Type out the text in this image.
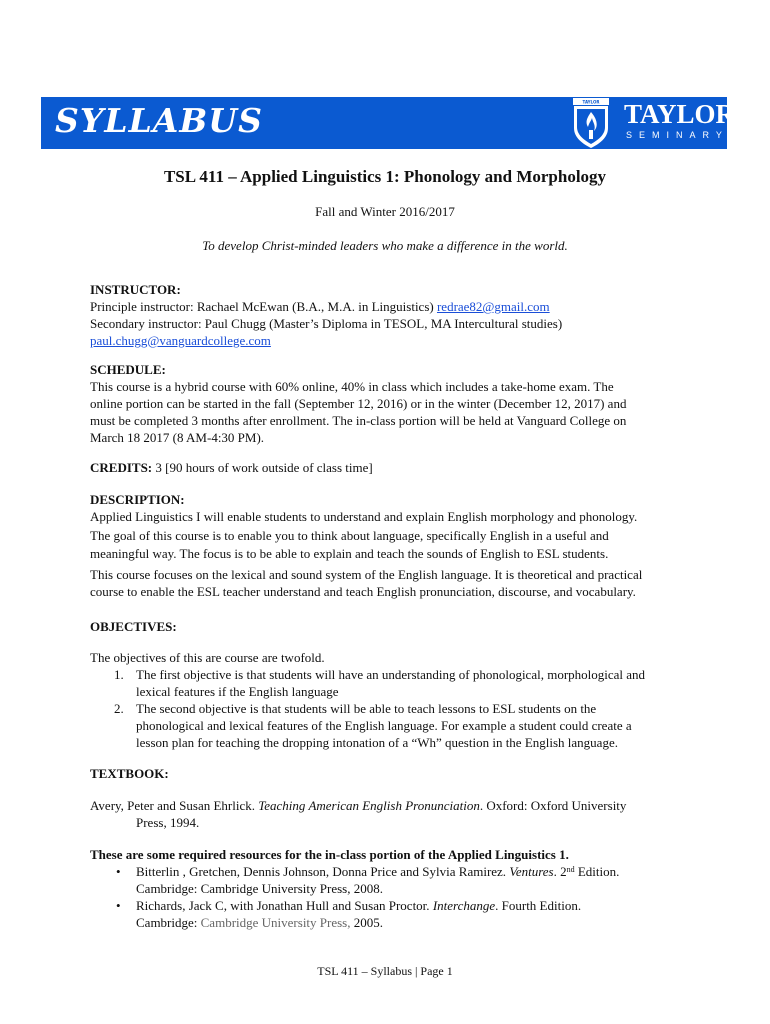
SYLLABUS	TAYLOR TAYLOR
SEMINARY
TSL 411 – Applied Linguistics 1: Phonology and Morphology
Fall and Winter 2016/2017
To develop Christ-minded leaders who make a difference in the world.

INSTRUCTOR:

Principle instructor: Rachael McEwan (B.A., M.A. in Linguistics) redrae82@gmail.com

Secondary instructor: Paul Chugg (Master’s Diploma in TESOL, MA Intercultural studies)

paul.chugg@vanguardcollege.com

SCHEDULE:

This course is a hybrid course with 60% online, 40% in class which includes a take-home exam. The

online portion can be started in the fall (September 12, 2016) or in the winter (December 12, 2017) and

must be completed 3 months after enrollment. The in-class portion will be held at Vanguard College on

March 18 2017 (8 AM-4:30 PM).

CREDITS: 3 [90 hours of work outside of class time]

DESCRIPTION:

Applied Linguistics I will enable students to understand and explain English morphology and phonology.

The goal of this course is to enable you to think about language, specifically English in a useful and

meaningful way. The focus is to be able to explain and teach the sounds of English to ESL students.

This course focuses on the lexical and sound system of the English language. It is theoretical and practical

course to enable the ESL teacher understand and teach English pronunciation, discourse, and vocabulary.

OBJECTIVES:

The objectives of this are course are twofold.

1. The first objective is that students will have an understanding of phonological, morphological and

lexical features if the English language

2. The second objective is that students will be able to teach lessons to ESL students on the

phonological and lexical features of the English language. For example a student could create a

lesson plan for teaching the dropping intonation of a “Wh” question in the English language.

TEXTBOOK:

Avery, Peter and Susan Ehrlick. Teaching American English Pronunciation. Oxford: Oxford University

Press, 1994.

These are some required resources for the in-class portion of the Applied Linguistics 1.

• Bitterlin , Gretchen, Dennis Johnson, Donna Price and Sylvia Ramirez. Ventures. 2nd Edition.

Cambridge: Cambridge University Press, 2008.

• Richards, Jack C, with Jonathan Hull and Susan Proctor. Interchange. Fourth Edition.

Cambridge: Cambridge University Press, 2005.

TSL 411 – Syllabus | Page 1
